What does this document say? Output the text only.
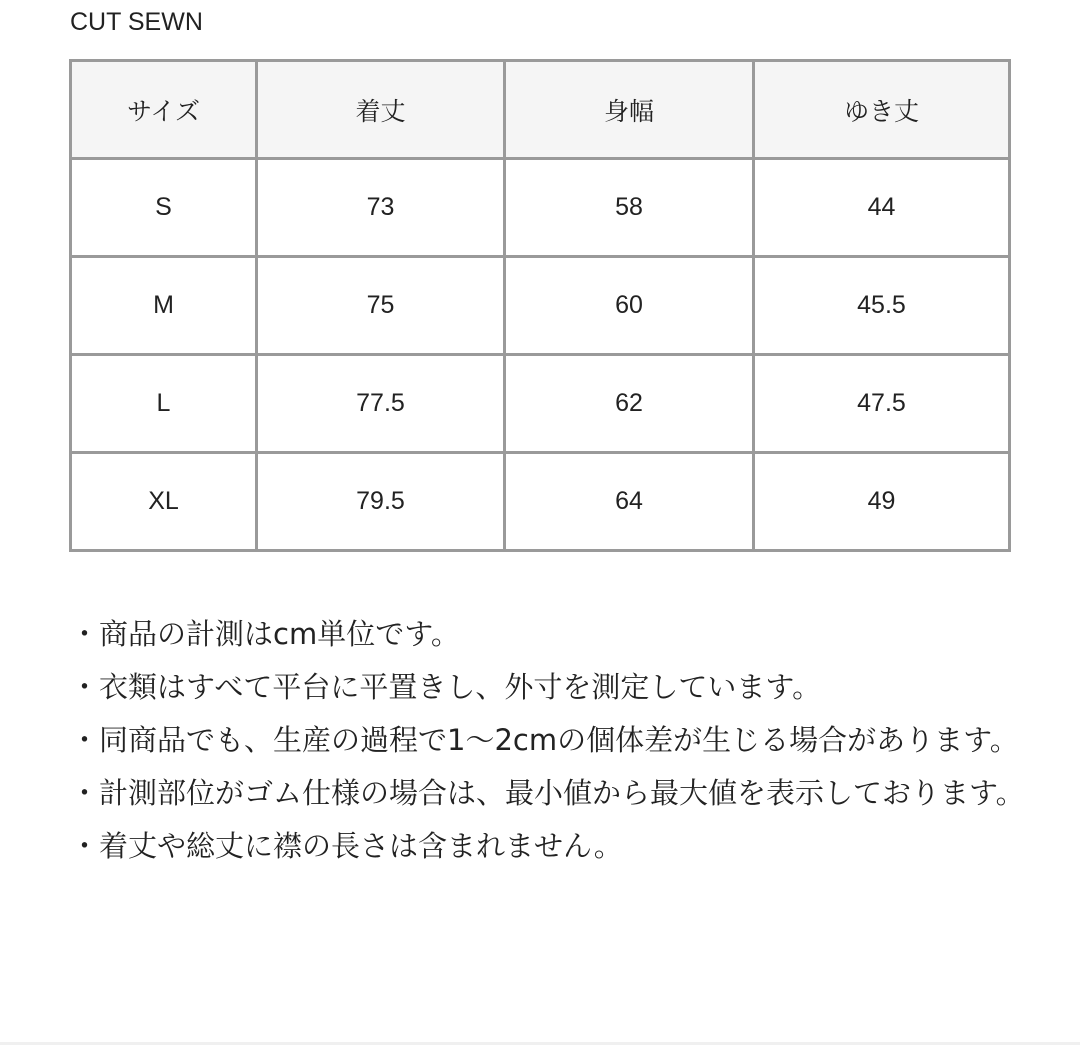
CUT SEWN
サイズ	着丈	身幅	ゆき丈
S	73	58	44
M	75	60	45.5
L	77.5	62	47.5
XL	79.5	64	49

・商品の計測はcm単位です。

・衣類はすべて平台に平置きし、外寸を測定しています。

・同商品でも、生産の過程で1〜2cmの個体差が生じる場合があります。

・計測部位がゴム仕様の場合は、最小値から最大値を表示しております。

・着丈や総丈に襟の長さは含まれません。
